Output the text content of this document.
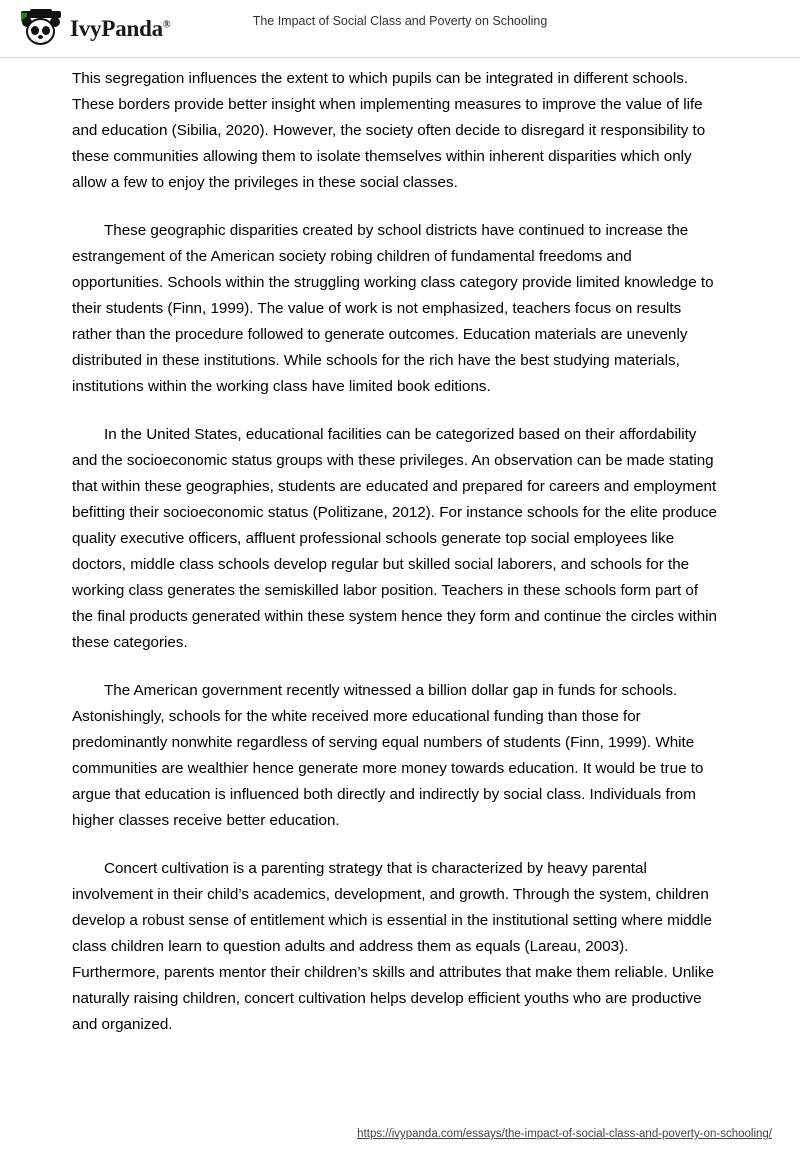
IvyPanda®	The Impact of Social Class and Poverty on Schooling

This segregation influences the extent to which pupils can be integrated in different schools. These borders provide better insight when implementing measures to improve the value of life and education (Sibilia, 2020). However, the society often decide to disregard it responsibility to these communities allowing them to isolate themselves within inherent disparities which only allow a few to enjoy the privileges in these social classes.

These geographic disparities created by school districts have continued to increase the estrangement of the American society robing children of fundamental freedoms and opportunities. Schools within the struggling working class category provide limited knowledge to their students (Finn, 1999). The value of work is not emphasized, teachers focus on results rather than the procedure followed to generate outcomes. Education materials are unevenly distributed in these institutions. While schools for the rich have the best studying materials, institutions within the working class have limited book editions.

In the United States, educational facilities can be categorized based on their affordability and the socioeconomic status groups with these privileges. An observation can be made stating that within these geographies, students are educated and prepared for careers and employment befitting their socioeconomic status (Politizane, 2012). For instance schools for the elite produce quality executive officers, affluent professional schools generate top social employees like doctors, middle class schools develop regular but skilled social laborers, and schools for the working class generates the semiskilled labor position. Teachers in these schools form part of the final products generated within these system hence they form and continue the circles within these categories.

The American government recently witnessed a billion dollar gap in funds for schools. Astonishingly, schools for the white received more educational funding than those for predominantly nonwhite regardless of serving equal numbers of students (Finn, 1999). White communities are wealthier hence generate more money towards education. It would be true to argue that education is influenced both directly and indirectly by social class. Individuals from higher classes receive better education.

Concert cultivation is a parenting strategy that is characterized by heavy parental involvement in their child’s academics, development, and growth. Through the system, children develop a robust sense of entitlement which is essential in the institutional setting where middle class children learn to question adults and address them as equals (Lareau, 2003). Furthermore, parents mentor their children’s skills and attributes that make them reliable. Unlike naturally raising children, concert cultivation helps develop efficient youths who are productive and organized.

https://ivypanda.com/essays/the-impact-of-social-class-and-poverty-on-schooling/
